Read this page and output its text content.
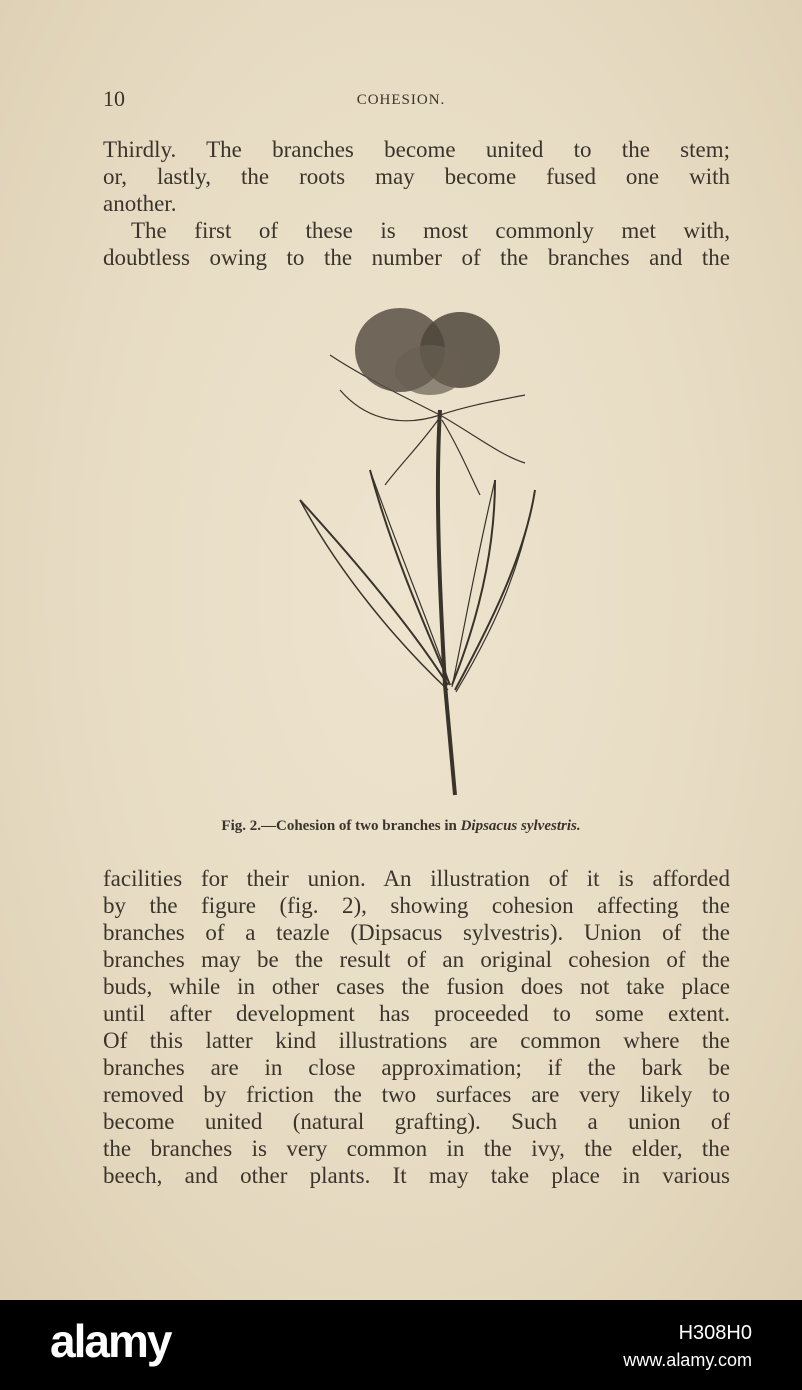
10	COHESION.
Thirdly. The branches become united to the stem;
or, lastly, the roots may become fused one with
another.
The first of these is most commonly met with,
doubtless owing to the number of the branches and the
Fig. 2.—Cohesion of two branches in Dipsacus sylvestris.
facilities for their union. An illustration of it is afforded
by the figure (fig. 2), showing cohesion affecting the
branches of a teazle (Dipsacus sylvestris). Union of the
branches may be the result of an original cohesion of the
buds, while in other cases the fusion does not take place
until after development has proceeded to some extent.
Of this latter kind illustrations are common where the
branches are in close approximation; if the bark be
removed by friction the two surfaces are very likely to
become united (natural grafting). Such a union of
the branches is very common in the ivy, the elder, the
beech, and other plants. It may take place in various
alamy	H308H0
www.alamy.com
